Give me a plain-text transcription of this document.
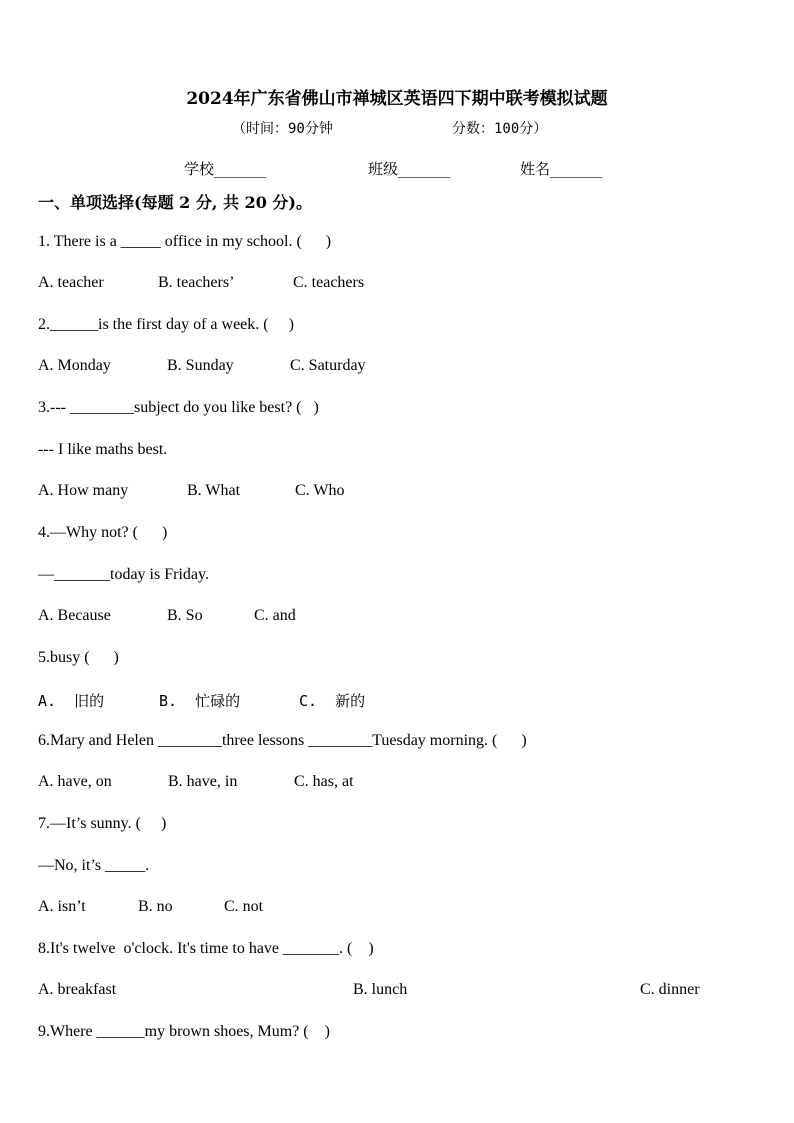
2024年广东省佛山市禅城区英语四下期中联考模拟试题
（时间：90分钟	分数：100分）
学校_______	班级_______	姓名_______
一、单项选择(每题 2 分, 共 20 分)。
1. There is a _____ office in my school. (      )
A. teacher	B. teachers’	C. teachers
2.______is the first day of a week. (     )
A. Monday	B. Sunday	C. Saturday
3.--- ________subject do you like best? (   )
--- I like maths best.
A. How many	B. What	C. Who
4.—Why not? (      )
—_______today is Friday.
A. Because	B. So	C. and
5.busy (      )
A.  旧的	B.  忙碌的	C.  新的
6.Mary and Helen ________three lessons ________Tuesday morning. (      )
A. have, on	B. have, in	C. has, at
7.—It’s sunny. (     )
—No, it’s _____.
A. isn’t	B. no	C. not
8.It's twelve  o'clock. It's time to have _______. (    )
A. breakfast	B. lunch	C. dinner
9.Where ______my brown shoes, Mum? (    )
